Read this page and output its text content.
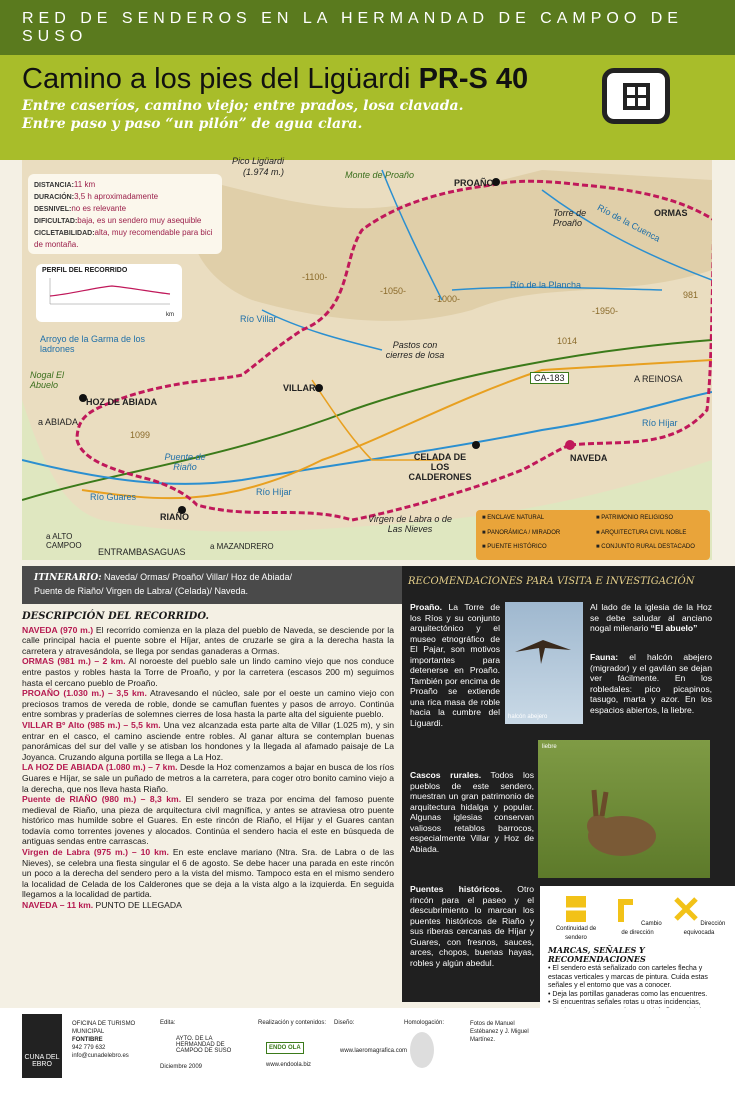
RED DE SENDEROS EN LA HERMANDAD DE CAMPOO DE SUSO
Camino a los pies del Ligüardi PR-S 40
Entre caseríos, camino viejo; entre prados, losa clavada.
Entre paso y paso “un pilón” de agua clara.
DISTANCIA:11 km
DURACIÓN:3,5 h aproximadamente
DESNIVEL:no es relevante
DIFICULTAD:baja, es un sendero muy asequible
CICLETABILIDAD:alta, muy recomendable para bici de montaña.
PERFIL DEL RECORRIDO
km
Pico Ligüardi
(1.974 m.)	Monte de Proaño
PROAÑO
Torre de Proaño
ORMAS
Río de la Cuenca
Río de la Plancha
Río Villar
Arroyo de la Garma de los ladrones	Pastos con cierres de losa
Nogal El Abuelo
HOZ DE ABIADA
VILLAR
CA-183	A REINOSA
a ABIADA
CELADA DE LOS CALDERONES
NAVEDA
Río Híjar
Río Híjar
Puente de Riaño
Río Guares
RIAÑO	Virgen de Labra o de Las Nieves
a ALTO CAMPOO
ENTRAMBASAGUAS
a MAZANDRERO
-1100-
-1050-
-1000-
-1950-
1014
981
1099
■ ENCLAVE NATURAL	■ PATRIMONIO RELIGIOSO
■ PANORÁMICA / MIRADOR	■ ARQUITECTURA CIVIL NOBLE
■ PUENTE HISTÓRICO	■ CONJUNTO RURAL DESTACADO
ITINERARIO: Naveda/ Ormas/ Proaño/ Villar/ Hoz de Abiada/
Puente de Riaño/ Virgen de Labra/ (Celada)/ Naveda.
DESCRIPCIÓN DEL RECORRIDO.

NAVEDA (970 m.) El recorrido comienza en la plaza del pueblo de Naveda, se desciende por la calle principal hacia el puente sobre el Híjar, antes de cruzarle se gira a la derecha hasta la carretera y atravesándola, se llega por sendas ganaderas a Ormas.

ORMAS (981 m.) – 2 km. Al noroeste del pueblo sale un lindo camino viejo que nos conduce entre pastos y robles hasta la Torre de Proaño, y por la carretera (escasos 200 m) seguimos hasta el cercano pueblo de Proaño.

PROAÑO (1.030 m.) – 3,5 km. Atravesando el núcleo, sale por el oeste un camino viejo con preciosos tramos de vereda de roble, donde se camuflan fuentes y pasos de arroyo. Continúa entre sombras y praderías de solemnes cierres de losa hasta la parte alta del siguiente pueblo.

VILLAR Bº Alto (985 m.) – 5,5 km. Una vez alcanzada esta parte alta de Villar (1.025 m), y sin entrar en el casco, el camino asciende entre robles. Al ganar altura se contemplan buenas panorámicas del sur del valle y se atisban los hondones y la llegada al afamado paisaje de La Joyanca. Cruzando alguna portilla se llega a La Hoz.

LA HOZ DE ABIADA (1.080 m.) – 7 km. Desde la Hoz comenzamos a bajar en busca de los ríos Guares e Híjar, se sale un puñado de metros a la carretera, para coger otro bonito camino viejo a la derecha, que nos lleva hasta Riaño.

Puente de RIAÑO (980 m.) – 8,3 km. El sendero se traza por encima del famoso puente medieval de Riaño, una pieza de arquitectura civil magnífica, y antes se atraviesa otro puente histórico mas humilde sobre el Guares. En este rincón de Riaño, el Híjar y el Guares cantan todavía como torrentes jovenes y alocados. Continúa el sendero hacia el este en búsqueda de antiguas sendas entre carrascas.

Virgen de Labra (975 m.) – 10 km. En este enclave mariano (Ntra. Sra. de Labra o de las Nieves), se celebra una fiesta singular el 6 de agosto. Se debe hacer una parada en este rincón un poco a la derecha del sendero pero a la vista del mismo. Tampoco esta en el mismo sendero la localidad de Celada de los Calderones que se deja a la vista algo a la izquierda. En seguida llegamos a la localidad de partida.

NAVEDA – 11 km. PUNTO DE LLEGADA

RECOMENDACIONES PARA VISITA E INVESTIGACIÓN
Proaño. La Torre de los Ríos y su conjunto arquitectónico y el museo etnográfico de El Pajar, son motivos importantes para detenerse en Proaño. También por encima de Proaño se extiende una rica masa de roble hacia la cumbre del Liguardi.
Cascos rurales. Todos los pueblos de este sendero, muestran un gran patrimonio de arquitectura hidalga y popular. Algunas iglesias conservan valiosos retablos barrocos, especialmente Villar y Hoz de Abiada.
Puentes históricos. Otro rincón para el paseo y el descubrimiento lo marcan los puentes históricos de Riaño y sus riberas cercanas de Híjar y Guares, con fresnos, sauces, arces, chopos, buenas hayas, robles y algún abedul.
Al lado de la iglesia de la Hoz se debe saludar al anciano nogal milenario “El abuelo”
Fauna: el halcón abejero (migrador) y el gavilán se dejan ver fácilmente. En los robledales: pico picapinos, tasugo, marta y azor. En los espacios abiertos, la liebre.
halcón abejero
liebre
Continuidad de sendero
Cambio de dirección
Dirección equivocada
MARCAS, SEÑALES Y RECOMENDACIONES

• El sendero está señalizado con carteles flecha y estacas verticales y marcas de pintura. Cuida estas señales y el entorno que vas a conocer.

• Deja las portillas ganaderas como las encuentres.

• Si encuentras señales rotas u otras incidencias,

CUNA DEL EBRO
OFICINA DE TURISMO
MUNICIPAL
FONTIBRE
942 779 632
info@cunadelebro.es
Edita:
AYTO. DE LA HERMANDAD DE CAMPOO DE SUSO
Diciembre 2009
Realización y contenidos:
ENDO OLA
www.endoola.biz
Diseño:
www.laeromagrafica.com
Homologación:	Fotos de Manuel Estébanez y J. Miguel Martínez.
